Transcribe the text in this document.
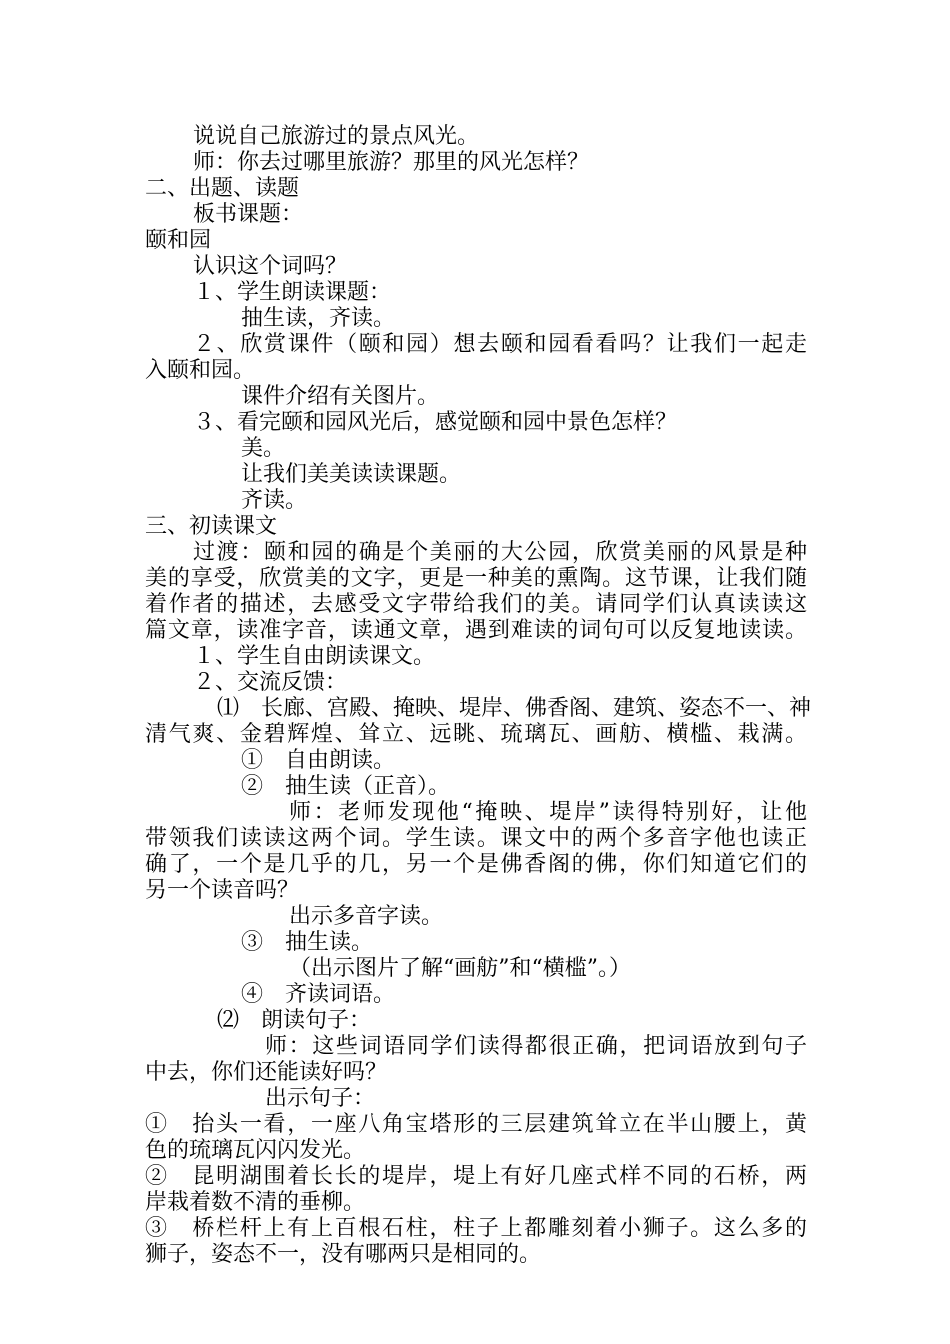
说说自己旅游过的景点风光。
师：你去过哪里旅游？那里的风光怎样？
二、出题、读题
板书课题：
颐和园
认识这个词吗？
１、学生朗读课题：
抽生读，齐读。
２、欣赏课件（颐和园）想去颐和园看看吗？让我们一起走
入颐和园。
课件介绍有关图片。
３、看完颐和园风光后，感觉颐和园中景色怎样？
美。
让我们美美读读课题。
齐读。
三、初读课文
过渡：颐和园的确是个美丽的大公园，欣赏美丽的风景是种
美的享受，欣赏美的文字，更是一种美的熏陶。这节课，让我们随
着作者的描述，去感受文字带给我们的美。请同学们认真读读这
篇文章，读准字音，读通文章，遇到难读的词句可以反复地读读。
１、学生自由朗读课文。
２、交流反馈：
⑴　长廊、宫殿、掩映、堤岸、佛香阁、建筑、姿态不一、神
清气爽、金碧辉煌、耸立、远眺、琉璃瓦、画舫、横槛、栽满。
①　自由朗读。
②　抽生读（正音）。
师：老师发现他“掩映、堤岸”读得特别好，让他
带领我们读读这两个词。学生读。课文中的两个多音字他也读正
确了，一个是几乎的几，另一个是佛香阁的佛，你们知道它们的
另一个读音吗？
出示多音字读。
③　抽生读。
（出示图片了解“画舫”和“横槛”。）
④　齐读词语。
⑵　朗读句子：
师：这些词语同学们读得都很正确，把词语放到句子
中去，你们还能读好吗？
出示句子：
①　抬头一看，一座八角宝塔形的三层建筑耸立在半山腰上，黄
色的琉璃瓦闪闪发光。
②　昆明湖围着长长的堤岸，堤上有好几座式样不同的石桥，两
岸栽着数不清的垂柳。
③　桥栏杆上有上百根石柱，柱子上都雕刻着小狮子。这么多的
狮子，姿态不一，没有哪两只是相同的。
